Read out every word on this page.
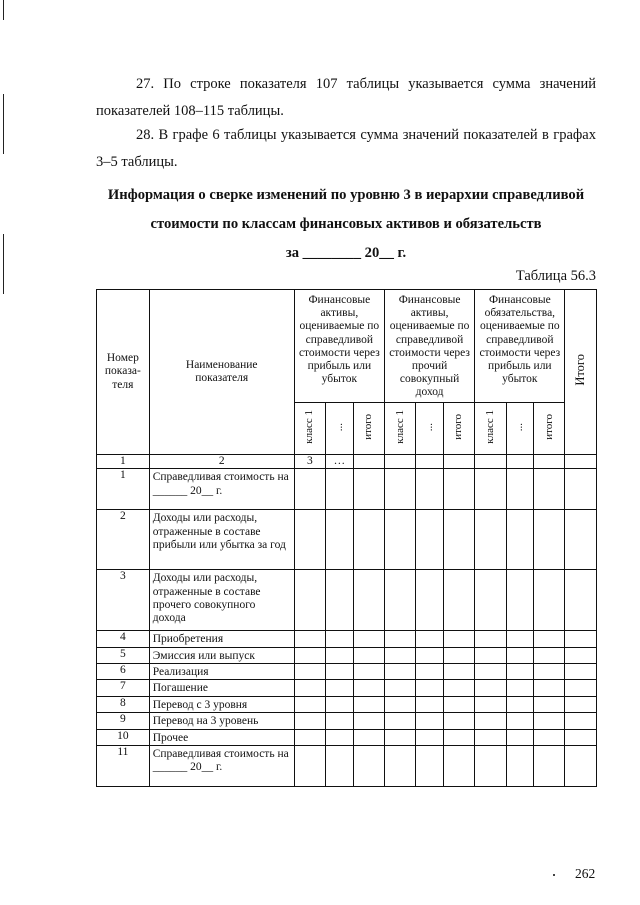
27. По строке показателя 107 таблицы указывается сумма значений показателей 108–115 таблицы.
28. В графе 6 таблицы указывается сумма значений показателей в графах 3–5 таблицы.
Информация о сверке изменений по уровню 3 в иерархии справедливой
стоимости по классам финансовых активов и обязательств
за ________ 20__ г.
Таблица 56.3
Номер показа-теля	Наименование показателя	Финансовые активы, оцениваемые по справедливой стоимости через прибыль или убыток			Финансовые активы, оцениваемые по справедливой стоимости через прочий совокупный доход			Финансовые обязательства, оцениваемые по справедливой стоимости через прибыль или убыток			Итого
		класс 1	...	итого	класс 1	...	итого	класс 1	...	итого	
1	2	3	…								
1	Справедливая стоимость на ______ 20__ г.										
2	Доходы или расходы, отраженные в составе прибыли или убытка за год										
3	Доходы или расходы, отраженные в составе прочего совокупного дохода										
4	Приобретения										
5	Эмиссия или выпуск										
6	Реализация										
7	Погашение										
8	Перевод с 3 уровня										
9	Перевод на 3 уровень										
10	Прочее										
11	Справедливая стоимость на ______ 20__ г.										
262
